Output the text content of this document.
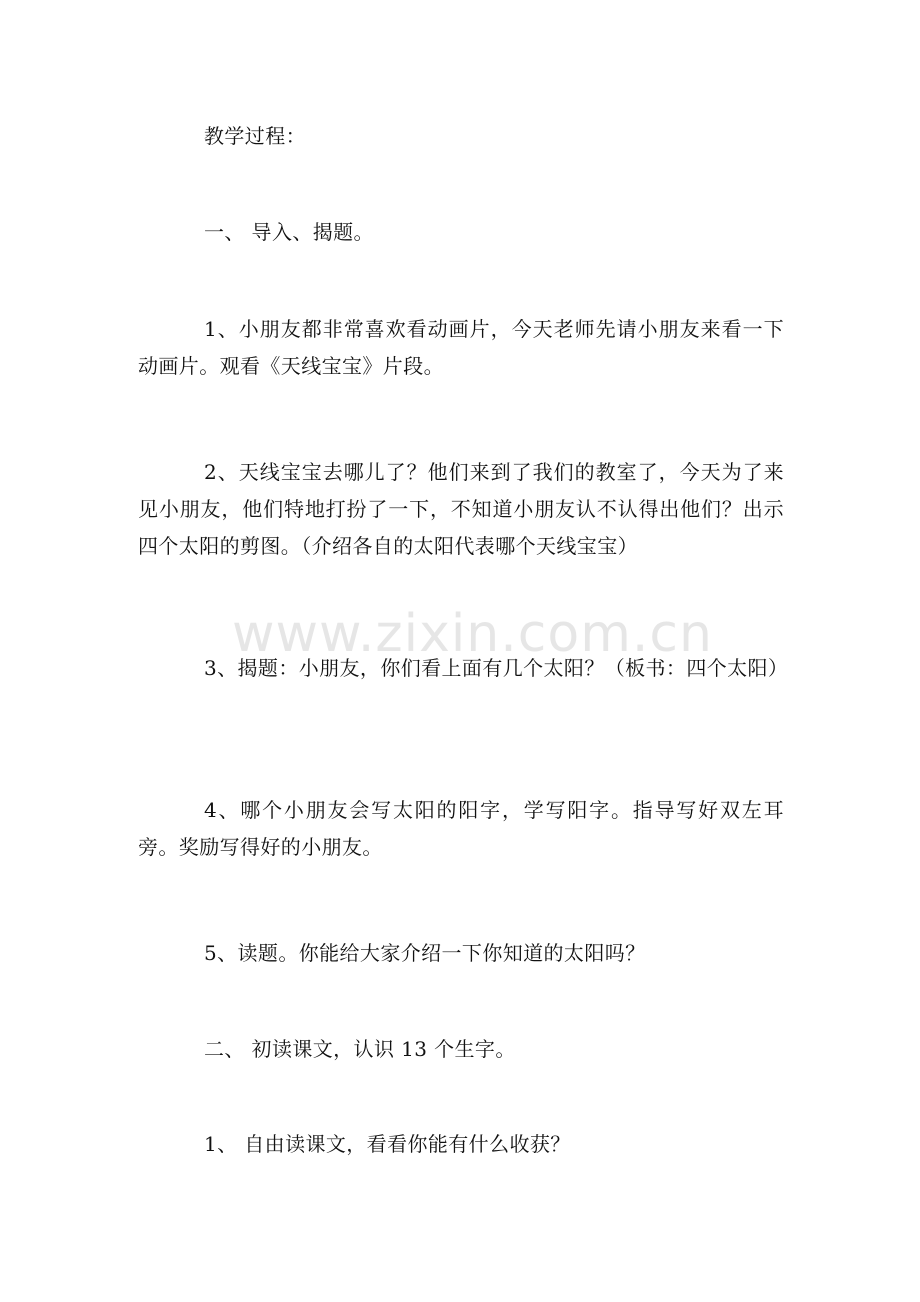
教学过程：

一、 导入、揭题。

1、小朋友都非常喜欢看动画片，今天老师先请小朋友来看一下动画片。观看《天线宝宝》片段。

2、天线宝宝去哪儿了？他们来到了我们的教室了，今天为了来见小朋友，他们特地打扮了一下，不知道小朋友认不认得出他们？出示四个太阳的剪图。（介绍各自的太阳代表哪个天线宝宝）

3、揭题：小朋友，你们看上面有几个太阳？（板书：四个太阳）

4、哪个小朋友会写太阳的阳字，学写阳字。指导写好双左耳旁。奖励写得好的小朋友。

5、读题。你能给大家介绍一下你知道的太阳吗？

二、 初读课文，认识 13 个生字。

1、 自由读课文，看看你能有什么收获？

www.zixin.com.cn
